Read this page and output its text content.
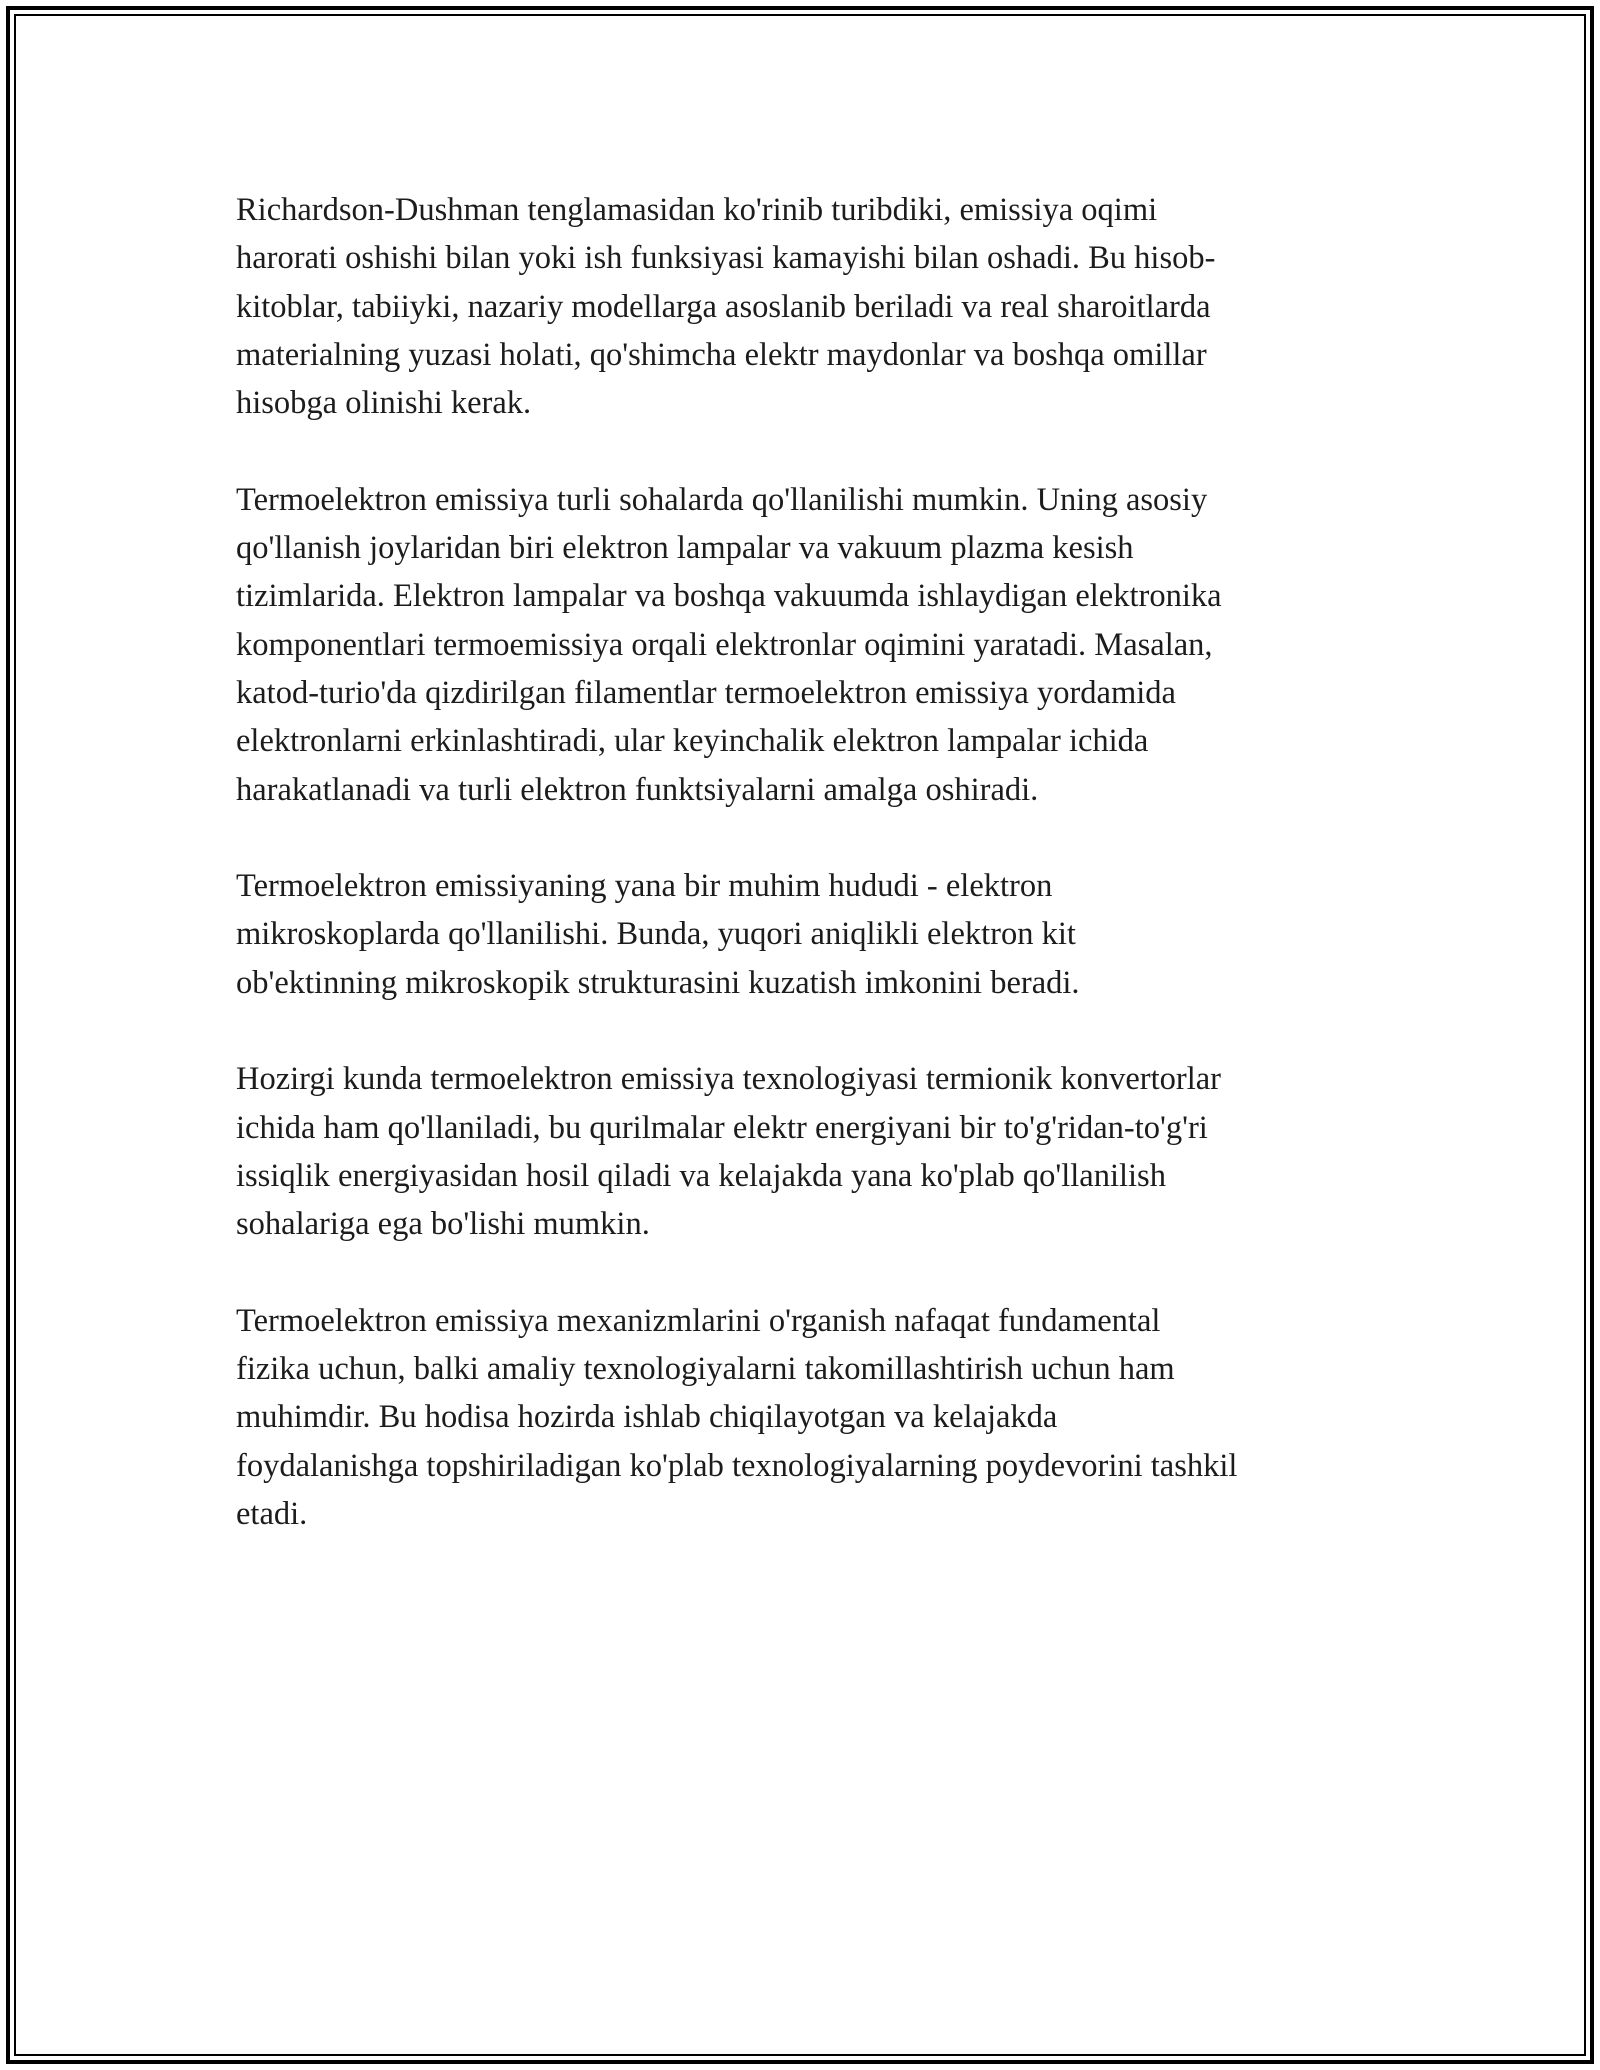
Richardson-Dushman tenglamasidan ko'rinib turibdiki, emissiya oqimi
harorati oshishi bilan yoki ish funksiyasi kamayishi bilan oshadi. Bu hisob-
kitoblar, tabiiyki, nazariy modellarga asoslanib beriladi va real sharoitlarda
materialning yuzasi holati, qo'shimcha elektr maydonlar va boshqa omillar
hisobga olinishi kerak.

Termoelektron emissiya turli sohalarda qo'llanilishi mumkin. Uning asosiy
qo'llanish joylaridan biri elektron lampalar va vakuum plazma kesish
tizimlarida. Elektron lampalar va boshqa vakuumda ishlaydigan elektronika
komponentlari termoemissiya orqali elektronlar oqimini yaratadi. Masalan,
katod-turio'da qizdirilgan filamentlar termoelektron emissiya yordamida
elektronlarni erkinlashtiradi, ular keyinchalik elektron lampalar ichida
harakatlanadi va turli elektron funktsiyalarni amalga oshiradi.

Termoelektron emissiyaning yana bir muhim hududi - elektron
mikroskoplarda qo'llanilishi. Bunda, yuqori aniqlikli elektron kit
ob'ektinning mikroskopik strukturasini kuzatish imkonini beradi.

Hozirgi kunda termoelektron emissiya texnologiyasi termionik konvertorlar
ichida ham qo'llaniladi, bu qurilmalar elektr energiyani bir to'g'ridan-to'g'ri
issiqlik energiyasidan hosil qiladi va kelajakda yana ko'plab qo'llanilish
sohalariga ega bo'lishi mumkin.

Termoelektron emissiya mexanizmlarini o'rganish nafaqat fundamental
fizika uchun, balki amaliy texnologiyalarni takomillashtirish uchun ham
muhimdir. Bu hodisa hozirda ishlab chiqilayotgan va kelajakda
foydalanishga topshiriladigan ko'plab texnologiyalarning poydevorini tashkil
etadi.
